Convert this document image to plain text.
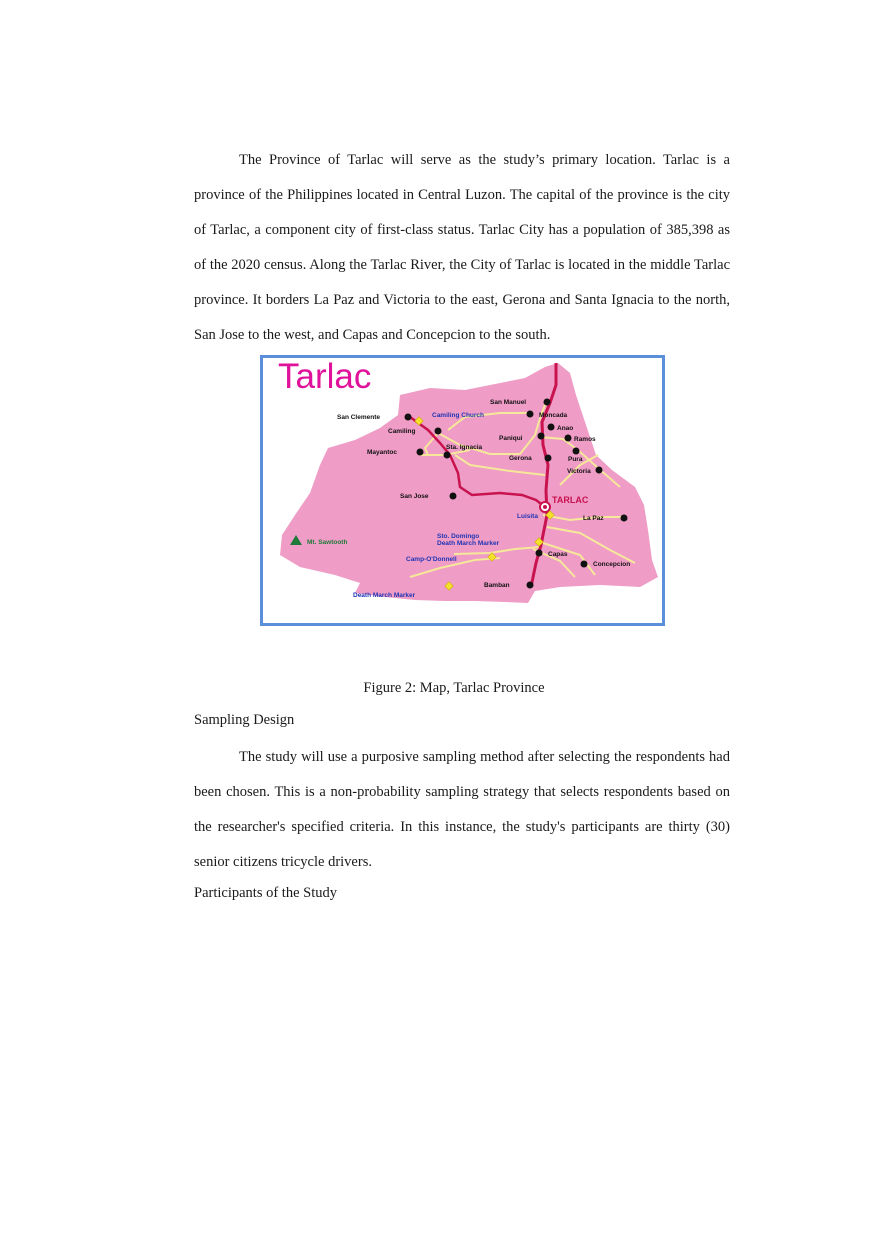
The Province of Tarlac will serve as the study’s primary location. Tarlac is a province of the Philippines located in Central Luzon. The capital of the province is the city of Tarlac, a component city of first-class status. Tarlac City has a population of 385,398 as of the 2020 census. Along the Tarlac River, the City of Tarlac is located in the middle Tarlac province. It borders La Paz and Victoria to the east, Gerona and Santa Ignacia to the north, San Jose to the west, and Capas and Concepcion to the south.

Tarlac
San Manuel
Moncada
Anao
Ramos
Paniqui
San Clemente
Camiling
Sta. Ignacia
Mayantoc
Gerona	Pura
Victoria
San Jose
La Paz
Capas
Concepcion
Bamban
TARLAC
Camiling Church
Luisita
Sto. Domingo
Death March Marker
Camp-O'Donnell
Death March Marker
Mt. Sawtooth

Figure 2: Map, Tarlac Province

Sampling Design

The study will use a purposive sampling method after selecting the respondents had been chosen. This is a non-probability sampling strategy that selects respondents based on the researcher's specified criteria. In this instance, the study's participants are thirty (30) senior citizens tricycle drivers.

Participants of the Study
